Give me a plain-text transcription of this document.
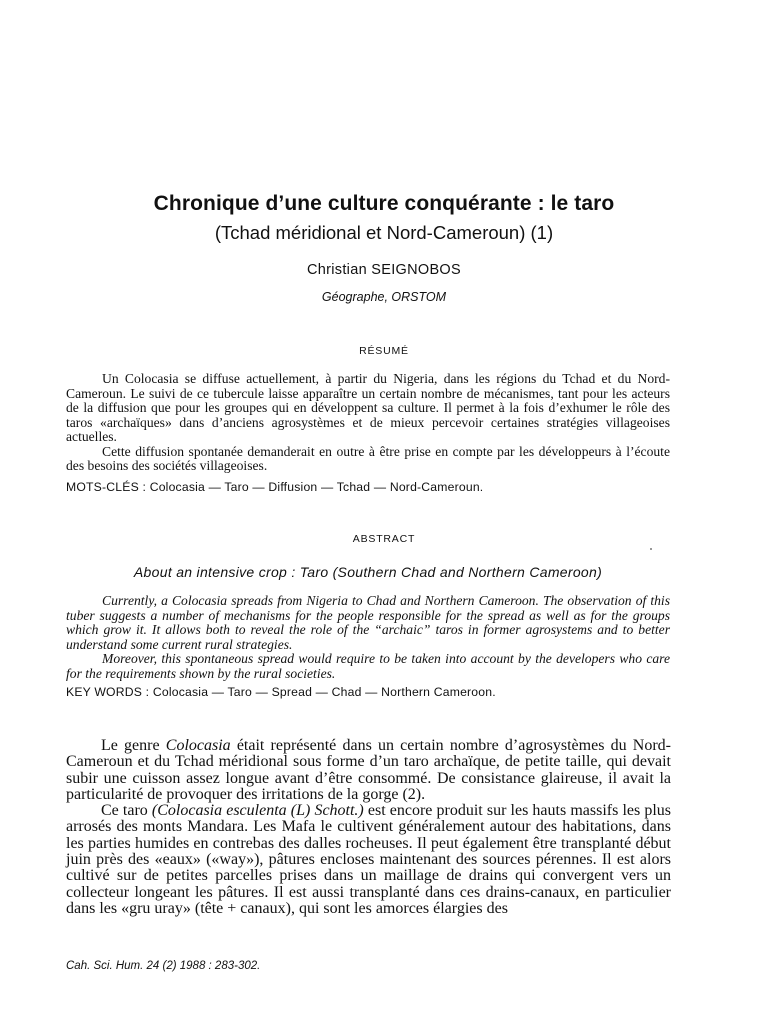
Chronique d’une culture conquérante : le taro
(Tchad méridional et Nord-Cameroun) (1)
Christian SEIGNOBOS
Géographe, ORSTOM
RÉSUMÉ

Un Colocasia se diffuse actuellement, à partir du Nigeria, dans les régions du Tchad et du Nord-Cameroun. Le suivi de ce tubercule laisse apparaître un certain nombre de mécanismes, tant pour les acteurs de la diffusion que pour les groupes qui en développent sa culture. Il permet à la fois d’exhumer le rôle des taros «archaïques» dans d’anciens agrosystèmes et de mieux percevoir certaines stratégies villageoises actuelles.

Cette diffusion spontanée demanderait en outre à être prise en compte par les développeurs à l’écoute des besoins des sociétés villageoises.

MOTS-CLÉS : Colocasia — Taro — Diffusion — Tchad — Nord-Cameroun.
ABSTRACT
About an intensive crop : Taro (Southern Chad and Northern Cameroon)

Currently, a Colocasia spreads from Nigeria to Chad and Northern Cameroon. The observation of this tuber suggests a number of mechanisms for the people responsible for the spread as well as for the groups which grow it. It allows both to reveal the role of the “archaic” taros in former agrosystems and to better understand some current rural strategies.

Moreover, this spontaneous spread would require to be taken into account by the developers who care for the requirements shown by the rural societies.

KEY WORDS : Colocasia — Taro — Spread — Chad — Northern Cameroon.

Le genre Colocasia était représenté dans un certain nombre d’agrosystèmes du Nord-Cameroun et du Tchad méridional sous forme d’un taro archaïque, de petite taille, qui devait subir une cuisson assez longue avant d’être consommé. De consistance glaireuse, il avait la particularité de provoquer des irritations de la gorge (2).

Ce taro (Colocasia esculenta (L) Schott.) est encore produit sur les hauts massifs les plus arrosés des monts Mandara. Les Mafa le cultivent généralement autour des habitations, dans les parties humides en contrebas des dalles rocheuses. Il peut également être transplanté début juin près des «eaux» («way»), pâtures encloses maintenant des sources pérennes. Il est alors cultivé sur de petites parcelles prises dans un maillage de drains qui convergent vers un collecteur longeant les pâtures. Il est aussi transplanté dans ces drains-canaux, en particulier dans les «gru uray» (tête + canaux), qui sont les amorces élargies des

Cah. Sci. Hum. 24 (2) 1988 : 283-302.
